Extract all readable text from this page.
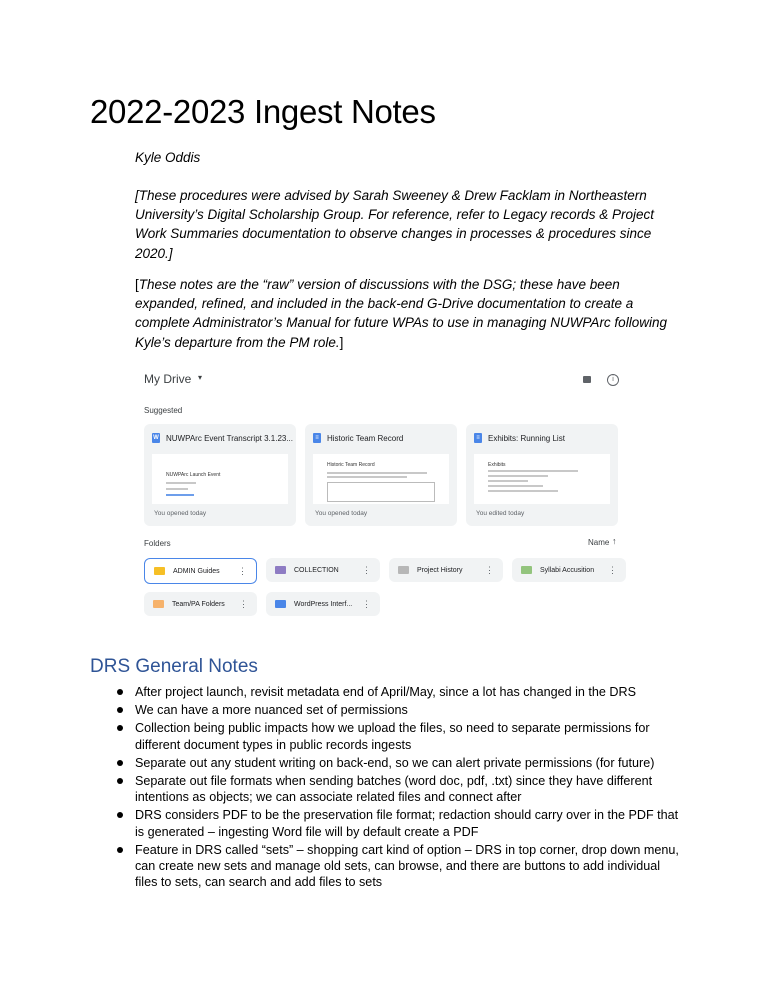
2022-2023 Ingest Notes

Kyle Oddis

[These procedures were advised by Sarah Sweeney & Drew Facklam in Northeastern University’s Digital Scholarship Group. For reference, refer to Legacy records & Project Work Summaries documentation to observe changes in processes & procedures since 2020.]

[These notes are the “raw” version of discussions with the DSG; these have been expanded, refined, and included in the back-end G-Drive documentation to create a complete Administrator’s Manual for future WPAs to use in managing NUWPArc following Kyle’s departure from the PM role.]

My Drive ▾	i
Suggested
W NUWPArc Event Transcript 3.1.23...
NUWPArc Launch Event
You opened today
≡ Historic Team Record
Historic Team Record
You opened today
≡ Exhibits: Running List
Exhibits
You edited today
Folders	Name ↑
ADMIN Guides	⋮	COLLECTION	⋮	Project History	⋮	Syllabi Accusition	⋮
Team/PA Folders	⋮	WordPress Interf...	⋮
DRS General Notes
After project launch, revisit metadata end of April/May, since a lot has changed in the DRS
We can have a more nuanced set of permissions
Collection being public impacts how we upload the files, so need to separate permissions for different document types in public records ingests
Separate out any student writing on back-end, so we can alert private permissions (for future)
Separate out file formats when sending batches (word doc, pdf, .txt) since they have different intentions as objects; we can associate related files and connect after
DRS considers PDF to be the preservation file format; redaction should carry over in the PDF that is generated – ingesting Word file will by default create a PDF
Feature in DRS called “sets” – shopping cart kind of option – DRS in top corner, drop down menu, can create new sets and manage old sets, can browse, and there are buttons to add individual files to sets, can search and add files to sets
